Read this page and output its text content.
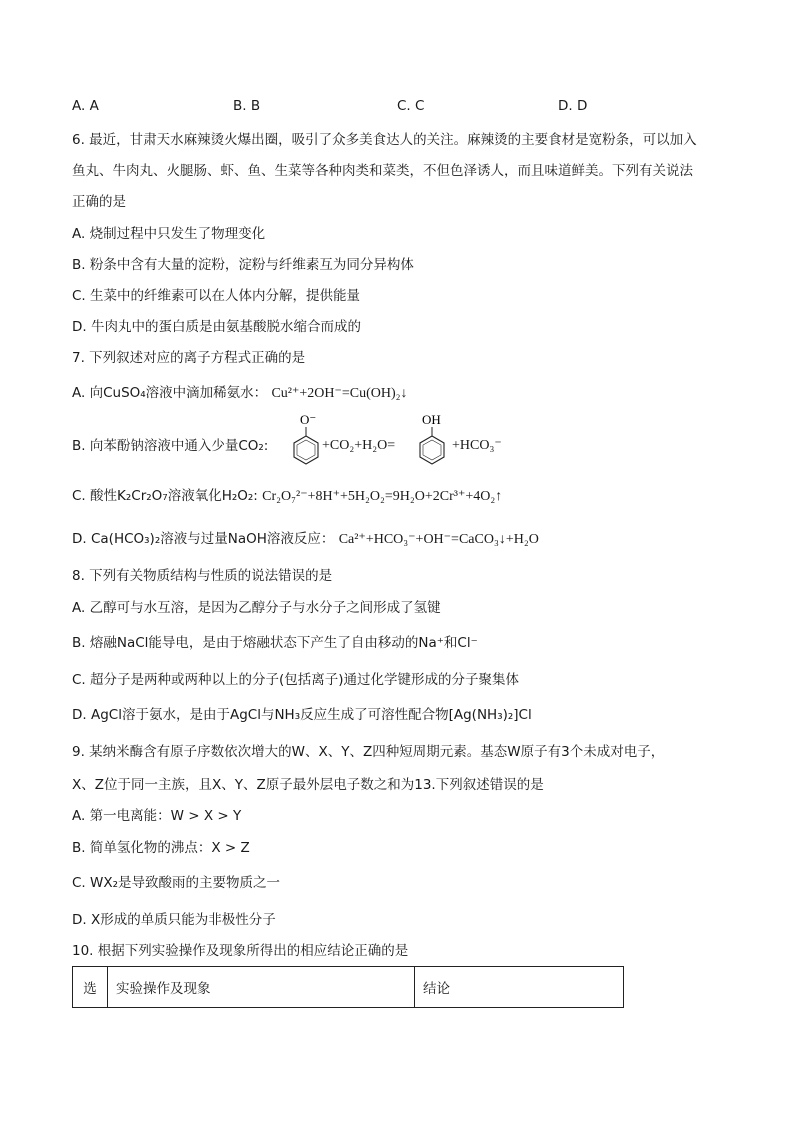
A. A	B. B	C. C	D. D
6. 最近，甘肃天水麻辣烫火爆出圈，吸引了众多美食达人的关注。麻辣烫的主要食材是宽粉条，可以加入
鱼丸、牛肉丸、火腿肠、虾、鱼、生菜等各种肉类和菜类，不但色泽诱人，而且味道鲜美。下列有关说法
正确的是
A. 烧制过程中只发生了物理变化
B. 粉条中含有大量的淀粉，淀粉与纤维素互为同分异构体
C. 生菜中的纤维素可以在人体内分解，提供能量
D. 牛肉丸中的蛋白质是由氨基酸脱水缩合而成的
7. 下列叙述对应的离子方程式正确的是
A. 向CuSO₄溶液中滴加稀氨水： Cu²⁺+2OH⁻=Cu(OH)₂↓
B. 向苯酚钠溶液中通入少量CO₂:
O⁻
+CO₂+H₂O=
OH
+HCO₃⁻
C. 酸性K₂Cr₂O₇溶液氧化H₂O₂: Cr₂O₇²⁻+8H⁺+5H₂O₂=9H₂O+2Cr³⁺+4O₂↑
D. Ca(HCO₃)₂溶液与过量NaOH溶液反应： Ca²⁺+HCO₃⁻+OH⁻=CaCO₃↓+H₂O
8. 下列有关物质结构与性质的说法错误的是
A. 乙醇可与水互溶，是因为乙醇分子与水分子之间形成了氢键
B. 熔融NaCl能导电，是由于熔融状态下产生了自由移动的Na⁺和Cl⁻
C. 超分子是两种或两种以上的分子(包括离子)通过化学键形成的分子聚集体
D. AgCl溶于氨水，是由于AgCl与NH₃反应生成了可溶性配合物[Ag(NH₃)₂]Cl
9. 某纳米酶含有原子序数依次增大的W、X、Y、Z四种短周期元素。基态W原子有3个未成对电子，
X、Z位于同一主族，且X、Y、Z原子最外层电子数之和为13.下列叙述错误的是
A. 第一电离能：W > X > Y
B. 简单氢化物的沸点：X > Z
C. WX₂是导致酸雨的主要物质之一
D. X形成的单质只能为非极性分子
10. 根据下列实验操作及现象所得出的相应结论正确的是
选	实验操作及现象	结论
